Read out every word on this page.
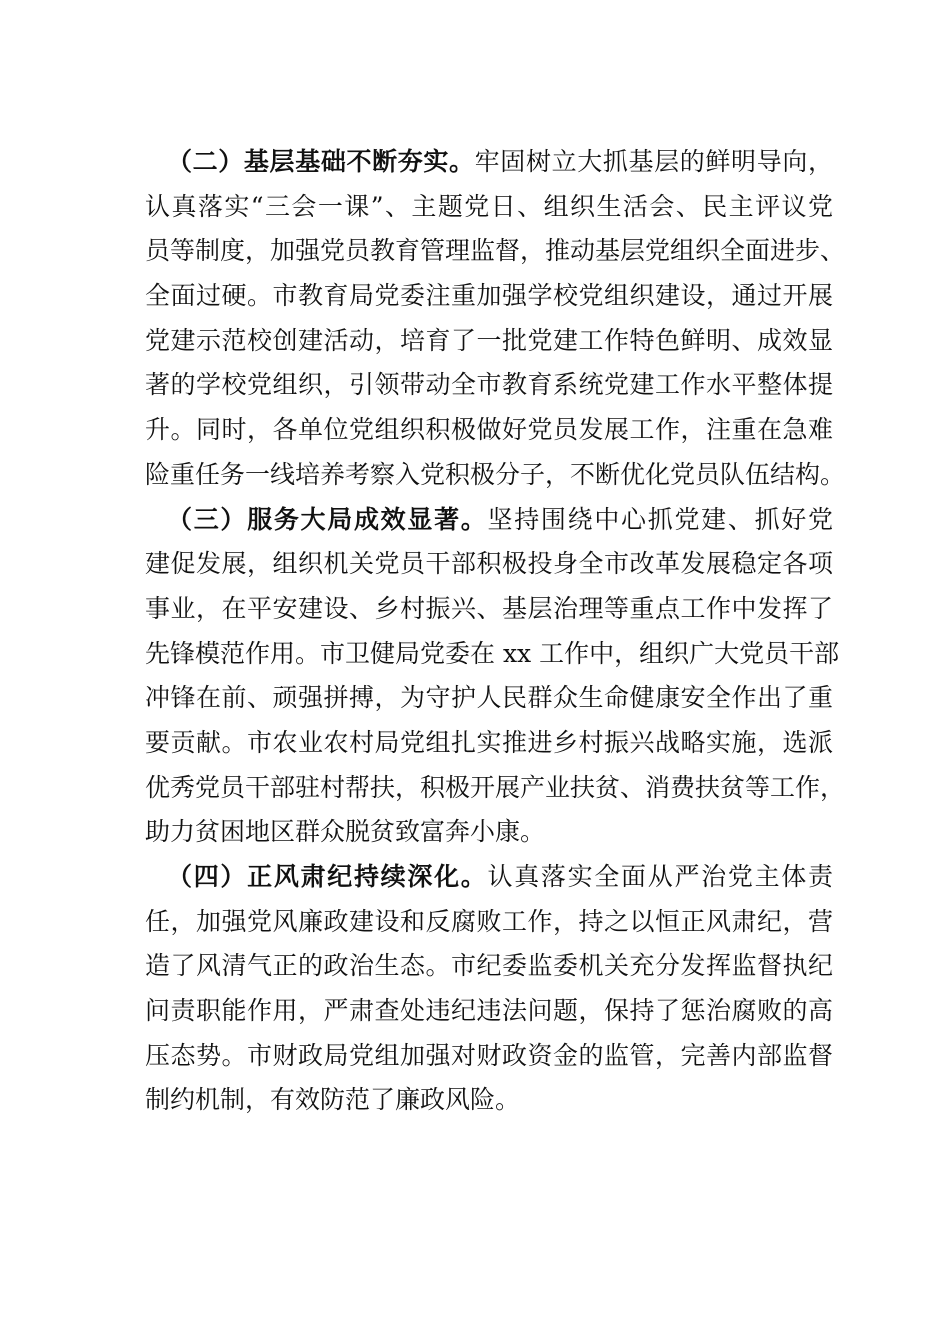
（二）基层基础不断夯实。牢固树立大抓基层的鲜明导向，
认真落实“三会一课”、主题党日、组织生活会、民主评议党
员等制度，加强党员教育管理监督，推动基层党组织全面进步、
全面过硬。市教育局党委注重加强学校党组织建设，通过开展
党建示范校创建活动，培育了一批党建工作特色鲜明、成效显
著的学校党组织，引领带动全市教育系统党建工作水平整体提
升。同时，各单位党组织积极做好党员发展工作，注重在急难
险重任务一线培养考察入党积极分子，不断优化党员队伍结构。
（三）服务大局成效显著。坚持围绕中心抓党建、抓好党
建促发展，组织机关党员干部积极投身全市改革发展稳定各项
事业，在平安建设、乡村振兴、基层治理等重点工作中发挥了
先锋模范作用。市卫健局党委在 xx 工作中，组织广大党员干部
冲锋在前、顽强拼搏，为守护人民群众生命健康安全作出了重
要贡献。市农业农村局党组扎实推进乡村振兴战略实施，选派
优秀党员干部驻村帮扶，积极开展产业扶贫、消费扶贫等工作，
助力贫困地区群众脱贫致富奔小康。
（四）正风肃纪持续深化。认真落实全面从严治党主体责
任，加强党风廉政建设和反腐败工作，持之以恒正风肃纪，营
造了风清气正的政治生态。市纪委监委机关充分发挥监督执纪
问责职能作用，严肃查处违纪违法问题，保持了惩治腐败的高
压态势。市财政局党组加强对财政资金的监管，完善内部监督
制约机制，有效防范了廉政风险。
